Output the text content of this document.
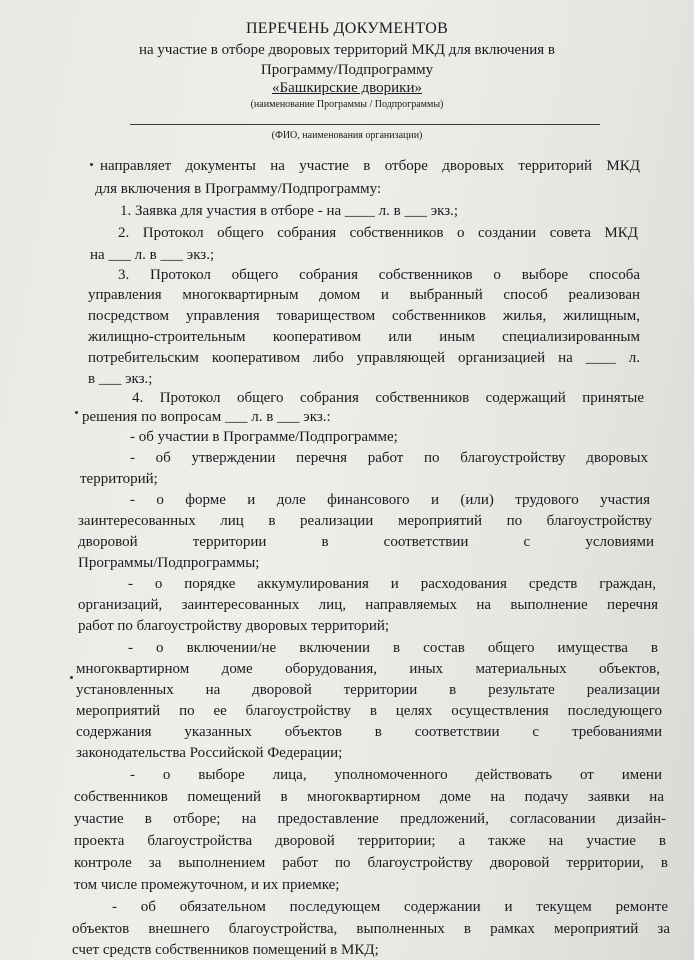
ПЕРЕЧЕНЬ ДОКУМЕНТОВ
на участие в отборе дворовых территорий МКД для включения в
Программу/Подпрограмму
«Башкирские дворики»
(наименование Программы / Подпрограммы)
(ФИО, наименования организации)
направляет документы на участие в отборе дворовых территорий МКД
для включения в Программу/Подпрограмму:
1. Заявка для участия в отборе - на ____ л. в ___ экз.;
2. Протокол общего собрания собственников о создании совета МКД
на ___ л. в ___ экз.;
3. Протокол общего собрания собственников о выборе способа
управления многоквартирным домом и выбранный способ реализован
посредством управления товариществом собственников жилья, жилищным,
жилищно-строительным кооперативом или иным специализированным
потребительским кооперативом либо управляющей организацией на ____ л.
в ___ экз.;
4. Протокол общего собрания собственников содержащий принятые
решения по вопросам ___ л. в ___ экз.:
- об участии в Программе/Подпрограмме;
- об утверждении перечня работ по благоустройству дворовых
территорий;
- о форме и доле финансового и (или) трудового участия
заинтересованных лиц в реализации мероприятий по благоустройству
дворовой территории в соответствии с условиями
Программы/Подпрограммы;
- о порядке аккумулирования и расходования средств граждан,
организаций, заинтересованных лиц, направляемых на выполнение перечня
работ по благоустройству дворовых территорий;
- о включении/не включении в состав общего имущества в
многоквартирном доме оборудования, иных материальных объектов,
установленных на дворовой территории в результате реализации
мероприятий по ее благоустройству в целях осуществления последующего
содержания указанных объектов в соответствии с требованиями
законодательства Российской Федерации;
- о выборе лица, уполномоченного действовать от имени
собственников помещений в многоквартирном доме на подачу заявки на
участие в отборе; на предоставление предложений, согласовании дизайн-
проекта благоустройства дворовой территории; а также на участие в
контроле за выполнением работ по благоустройству дворовой территории, в
том числе промежуточном, и их приемке;
- об обязательном последующем содержании и текущем ремонте
объектов внешнего благоустройства, выполненных в рамках мероприятий за
счет средств собственников помещений в МКД;
